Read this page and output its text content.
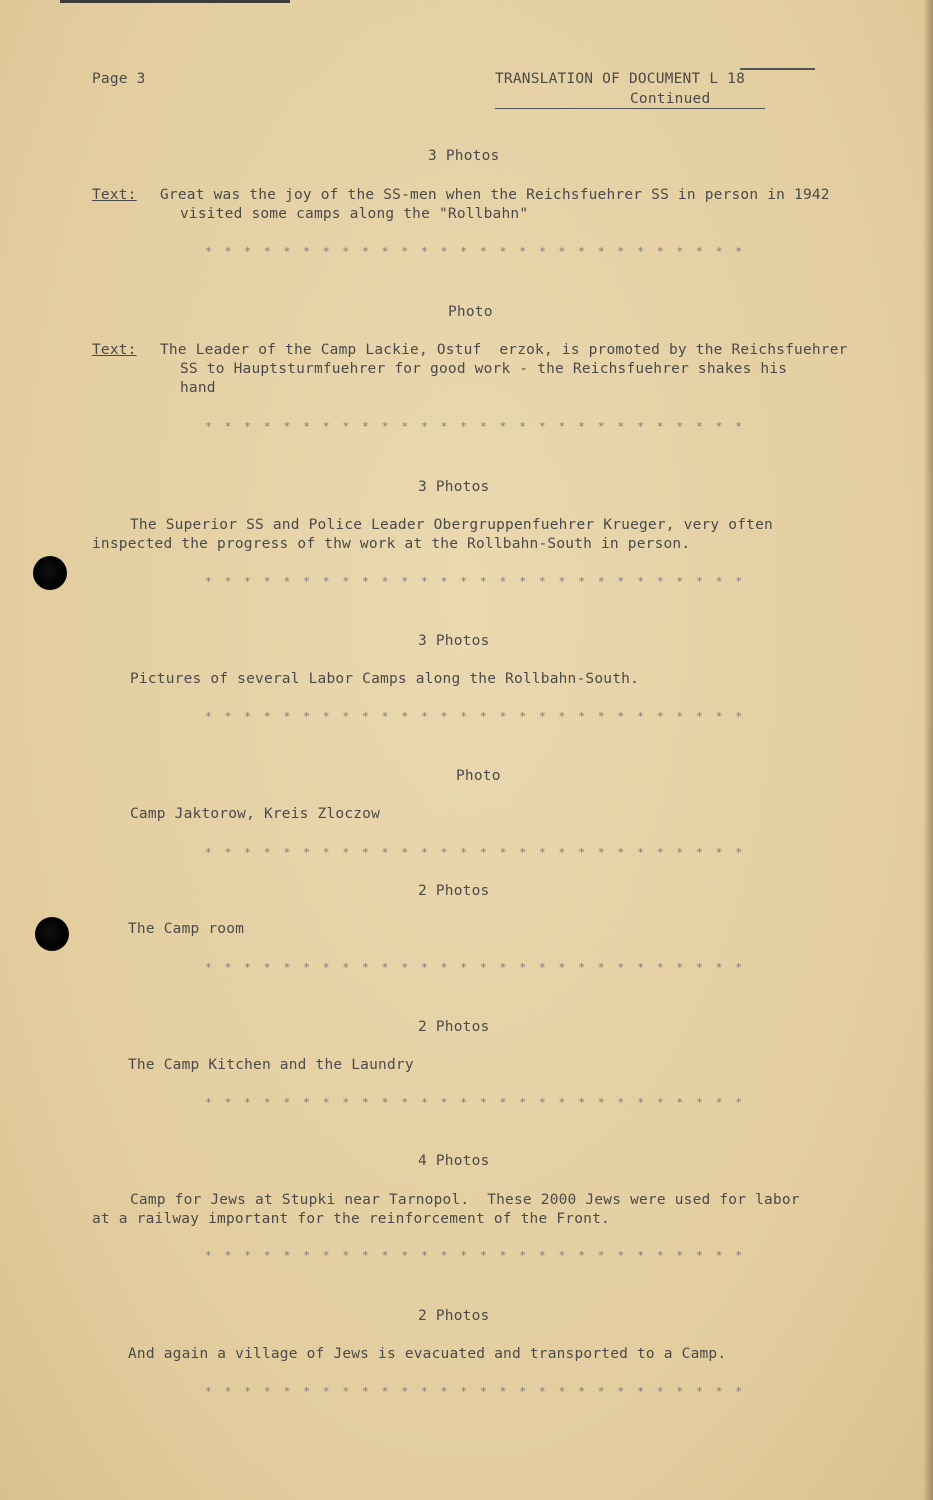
Page 3	TRANSLATION OF DOCUMENT L 18
Continued
3 Photos
Text: Great was the joy of the SS-men when the Reichsfuehrer SS in person in 1942
visited some camps along the "Rollbahn"
* * * * * * * * * * * * * * * * * * * * * * * * * * * *
Photo
Text: The Leader of the Camp Lackie, Ostuf  erzok, is promoted by the Reichsfuehrer
SS to Hauptsturmfuehrer for good work - the Reichsfuehrer shakes his
hand
* * * * * * * * * * * * * * * * * * * * * * * * * * * *
3 Photos
The Superior SS and Police Leader Obergruppenfuehrer Krueger, very often
inspected the progress of thw work at the Rollbahn-South in person.
* * * * * * * * * * * * * * * * * * * * * * * * * * * *
3 Photos
Pictures of several Labor Camps along the Rollbahn-South.
* * * * * * * * * * * * * * * * * * * * * * * * * * * *
Photo
Camp Jaktorow, Kreis Zloczow
* * * * * * * * * * * * * * * * * * * * * * * * * * * *
2 Photos
The Camp room
* * * * * * * * * * * * * * * * * * * * * * * * * * * *
2 Photos
The Camp Kitchen and the Laundry
* * * * * * * * * * * * * * * * * * * * * * * * * * * *
4 Photos
Camp for Jews at Stupki near Tarnopol.  These 2000 Jews were used for labor
at a railway important for the reinforcement of the Front.
* * * * * * * * * * * * * * * * * * * * * * * * * * * *
2 Photos
And again a village of Jews is evacuated and transported to a Camp.
* * * * * * * * * * * * * * * * * * * * * * * * * * * *
